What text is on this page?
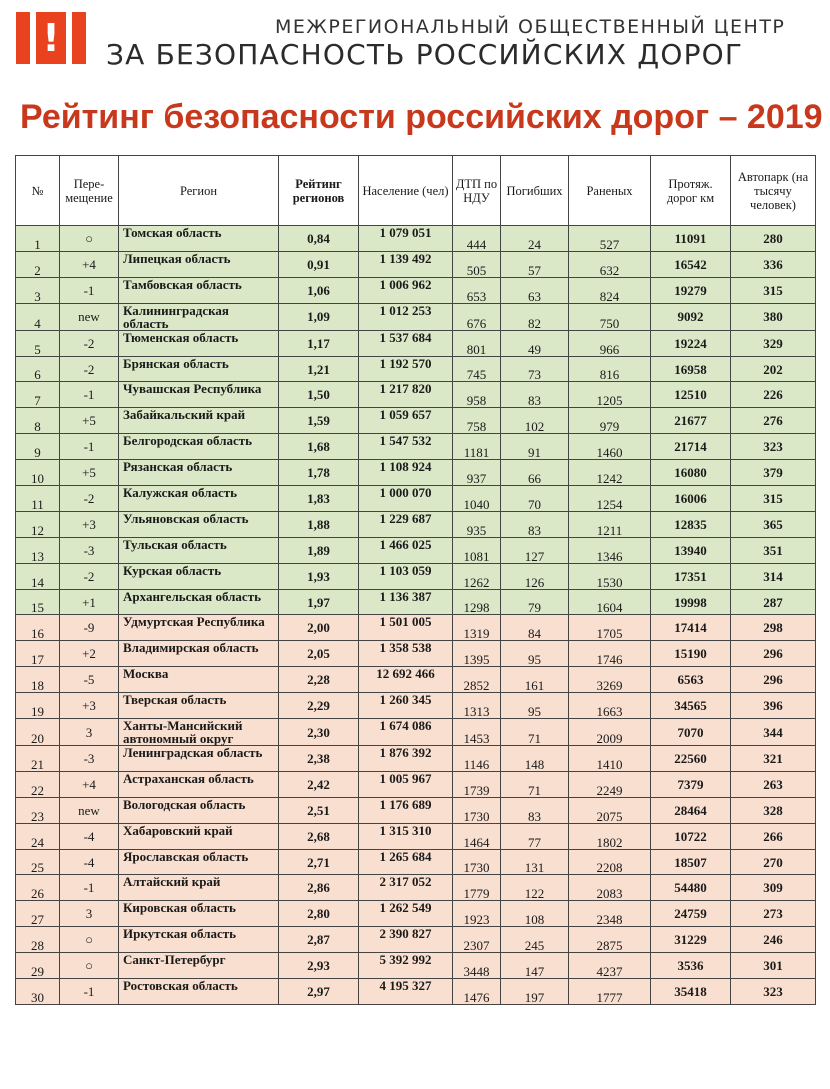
!	МЕЖРЕГИОНАЛЬНЫЙ ОБЩЕСТВЕННЫЙ ЦЕНТР
ЗА БЕЗОПАСНОСТЬ РОССИЙСКИХ ДОРОГ
Рейтинг безопасности российских дорог – 2019
№	Пере-мещение	Регион	Рейтинг регионов	Население (чел)	ДТП по НДУ	Погибших	Раненых	Протяж. дорог км	Автопарк (на тысячу человек)
1	○	Томская область	0,84	1 079 051	444	24	527	11091	280
2	+4	Липецкая область	0,91	1 139 492	505	57	632	16542	336
3	-1	Тамбовская область	1,06	1 006 962	653	63	824	19279	315
4	new	Калининградская область	1,09	1 012 253	676	82	750	9092	380
5	-2	Тюменская область	1,17	1 537 684	801	49	966	19224	329
6	-2	Брянская область	1,21	1 192 570	745	73	816	16958	202
7	-1	Чувашская Республика	1,50	1 217 820	958	83	1205	12510	226
8	+5	Забайкальский край	1,59	1 059 657	758	102	979	21677	276
9	-1	Белгородская область	1,68	1 547 532	1181	91	1460	21714	323
10	+5	Рязанская область	1,78	1 108 924	937	66	1242	16080	379
11	-2	Калужская область	1,83	1 000 070	1040	70	1254	16006	315
12	+3	Ульяновская область	1,88	1 229 687	935	83	1211	12835	365
13	-3	Тульская область	1,89	1 466 025	1081	127	1346	13940	351
14	-2	Курская область	1,93	1 103 059	1262	126	1530	17351	314
15	+1	Архангельская область	1,97	1 136 387	1298	79	1604	19998	287
16	-9	Удмуртская Республика	2,00	1 501 005	1319	84	1705	17414	298
17	+2	Владимирская область	2,05	1 358 538	1395	95	1746	15190	296
18	-5	Москва	2,28	12 692 466	2852	161	3269	6563	296
19	+3	Тверская область	2,29	1 260 345	1313	95	1663	34565	396
20	3	Ханты-Мансийский автономный округ	2,30	1 674 086	1453	71	2009	7070	344
21	-3	Ленинградская область	2,38	1 876 392	1146	148	1410	22560	321
22	+4	Астраханская область	2,42	1 005 967	1739	71	2249	7379	263
23	new	Вологодская область	2,51	1 176 689	1730	83	2075	28464	328
24	-4	Хабаровский край	2,68	1 315 310	1464	77	1802	10722	266
25	-4	Ярославская область	2,71	1 265 684	1730	131	2208	18507	270
26	-1	Алтайский край	2,86	2 317 052	1779	122	2083	54480	309
27	3	Кировская область	2,80	1 262 549	1923	108	2348	24759	273
28	○	Иркутская область	2,87	2 390 827	2307	245	2875	31229	246
29	○	Санкт-Петербург	2,93	5 392 992	3448	147	4237	3536	301
30	-1	Ростовская область	2,97	4 195 327	1476	197	1777	35418	323
